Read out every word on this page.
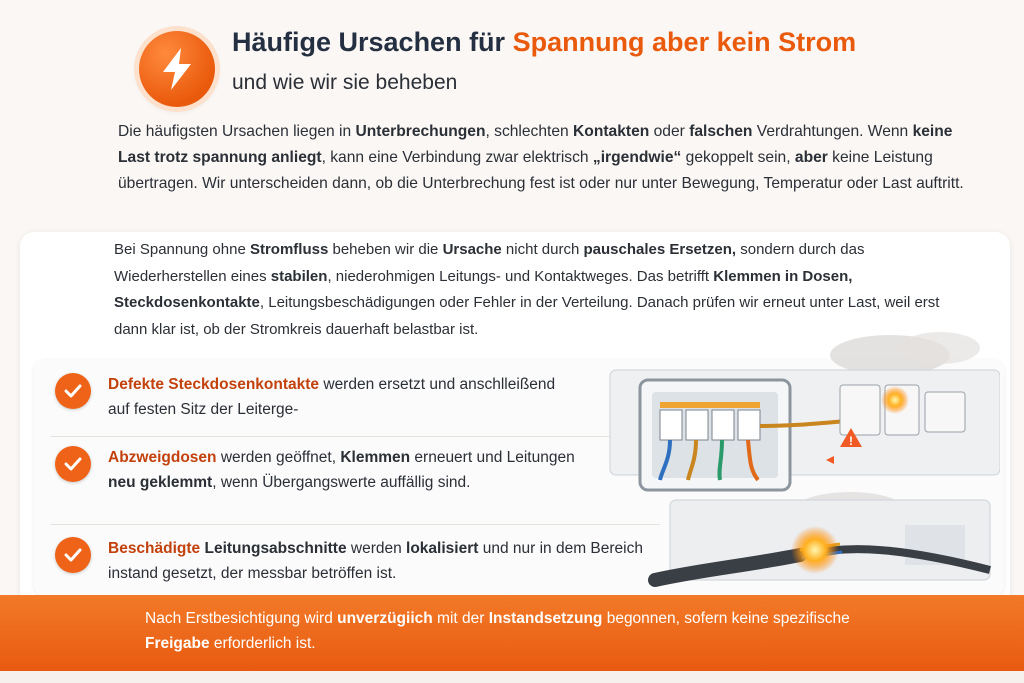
Häufige Ursachen für Spannung aber kein Strom

und wie wir sie beheben

Die häufigsten Ursachen liegen in Unterbrechungen, schlechten Kontakten oder falschen Verdrahtungen. Wenn keine Last trotz spannung anliegt, kann eine Verbindung zwar elektrisch „irgendwie“ gekoppelt sein, aber keine Leistung übertragen. Wir unterscheiden dann, ob die Unterbrechung fest ist oder nur unter Bewegung, Temperatur oder Last auftritt.

Bei Spannung ohne Stromfluss beheben wir die Ursache nicht durch pauschales Ersetzen, sondern durch das Wiederherstellen eines stabilen, niederohmigen Leitungs- und Kontaktweges. Das betrifft Klemmen in Dosen, Steckdosenkontakte, Leitungsbeschädigungen oder Fehler in der Verteilung. Danach prüfen wir erneut unter Last, weil erst dann klar ist, ob der Stromkreis dauerhaft belastbar ist.

!

Defekte Steckdosenkontakte werden ersetzt und anschlleißend auf festen Sitz der Leiterge-

Abzweigdosen werden geöffnet, Klemmen erneuert und Leitungen neu geklemmt, wenn Übergangswerte auffällig sind.

Beschädigte Leitungsabschnitte werden lokalisiert und nur in dem Bereich instand gesetzt, der messbar betröffen ist.

Nach Erstbesichtigung wird unverzügiich mit der Instandsetzung begonnen, sofern keine spezifische Freigabe erforderlich ist.
